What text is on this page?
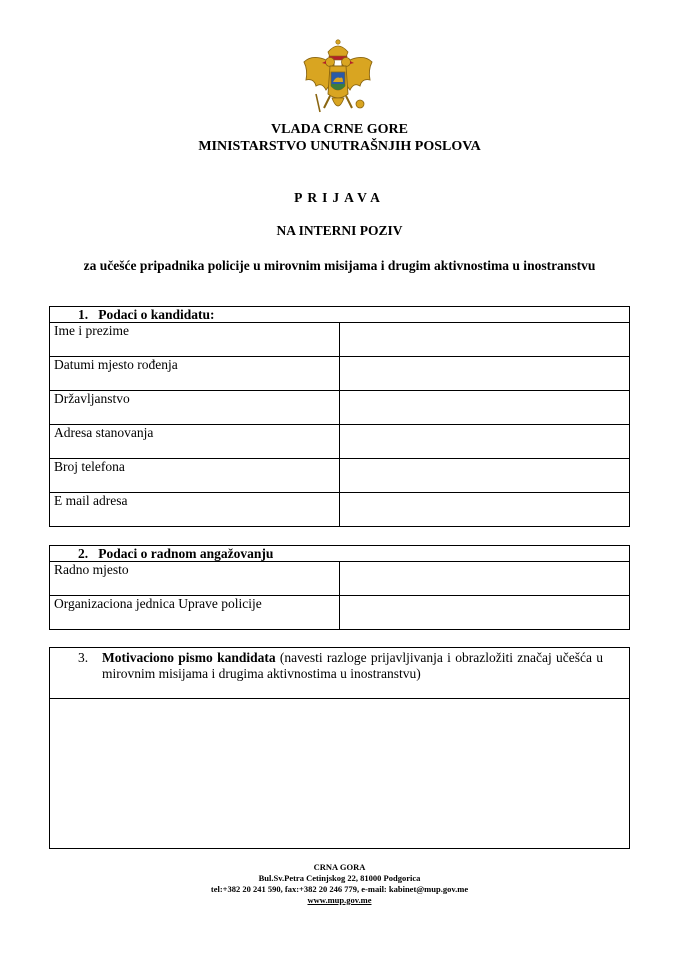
VLADA CRNE GORE
MINISTARSTVO UNUTRAŠNJIH POSLOVA
PRIJAVA
NA INTERNI POZIV
za učešće pripadnika policije u mirovnim misijama i drugim aktivnostima u inostranstvu
1. Podaci o kandidatu:	
Ime i prezime	
Datumi mjesto rođenja	
Državljanstvo	
Adresa stanovanja	
Broj telefona	
E mail adresa	
2. Podaci o radnom angažovanju	
Radno mjesto	
Organizaciona jednica Uprave policije	
3. Motivaciono pismo kandidata (navesti razloge prijavljivanja i obrazložiti značaj učešća u mirovnim misijama i drugima aktivnostima u inostranstvu)
CRNA GORA
Bul.Sv.Petra Cetinjskog 22, 81000 Podgorica
tel:+382 20 241 590, fax:+382 20 246 779, e-mail: kabinet@mup.gov.me
www.mup.gov.me
